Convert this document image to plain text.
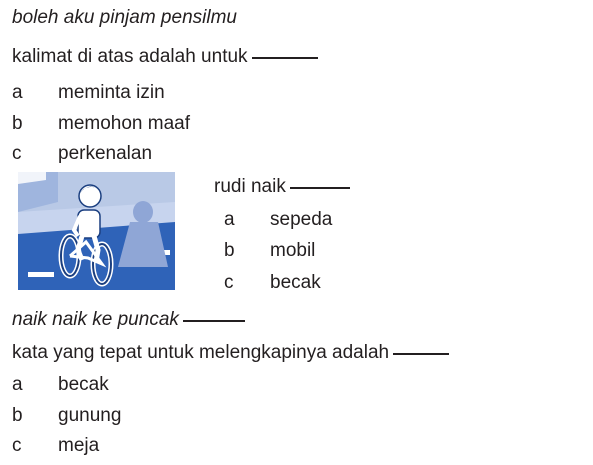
boleh aku pinjam pensilmu
kalimat di atas adalah untuk
a	meminta izin
b	memohon maaf
c	perkenalan
rudi naik
a	sepeda
b	mobil
c	becak
naik naik ke puncak
kata yang tepat untuk melengkapinya adalah
a	becak
b	gunung
c	meja
